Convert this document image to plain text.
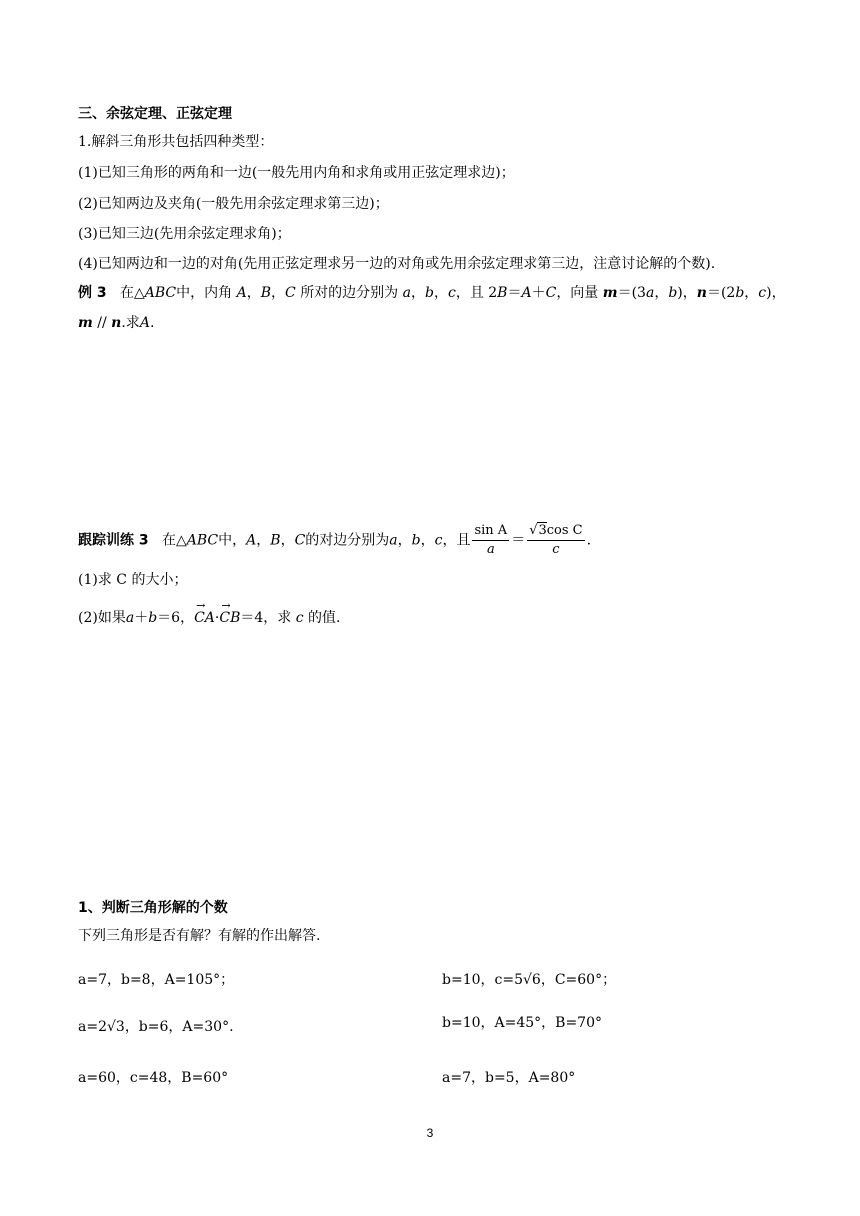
三、余弦定理、正弦定理
1.解斜三角形共包括四种类型：
(1)已知三角形的两角和一边(一般先用内角和求角或用正弦定理求边)；
(2)已知两边及夹角(一般先用余弦定理求第三边)；
(3)已知三边(先用余弦定理求角)；
(4)已知两边和一边的对角(先用正弦定理求另一边的对角或先用余弦定理求第三边，注意讨论解的个数).
例 3 在△ABC中，内角 A，B，C 所对的边分别为 a，b，c，且 2B＝A＋C，向量 m＝(3a，b)，n＝(2b，c)，
m // n.求A.
跟踪训练 3 在△ABC中，A，B，C的对边分别为a，b，c，且 $\frac{\text{sin A}}{a} = \frac{\text{√3cos C}}{c}$ .
(1)求 C 的大小；
(2)如果a＋b＝6，→ CA·→ CB＝4，求 c 的值.
1、判断三角形解的个数
下列三角形是否有解？有解的作出解答.
a=7，b=8，A=105°；	b=10，c=5√6，C=60°；
a=2√3，b=6，A=30°.	b=10，A=45°，B=70°
a=60，c=48，B=60°	a=7，b=5，A=80°
3
